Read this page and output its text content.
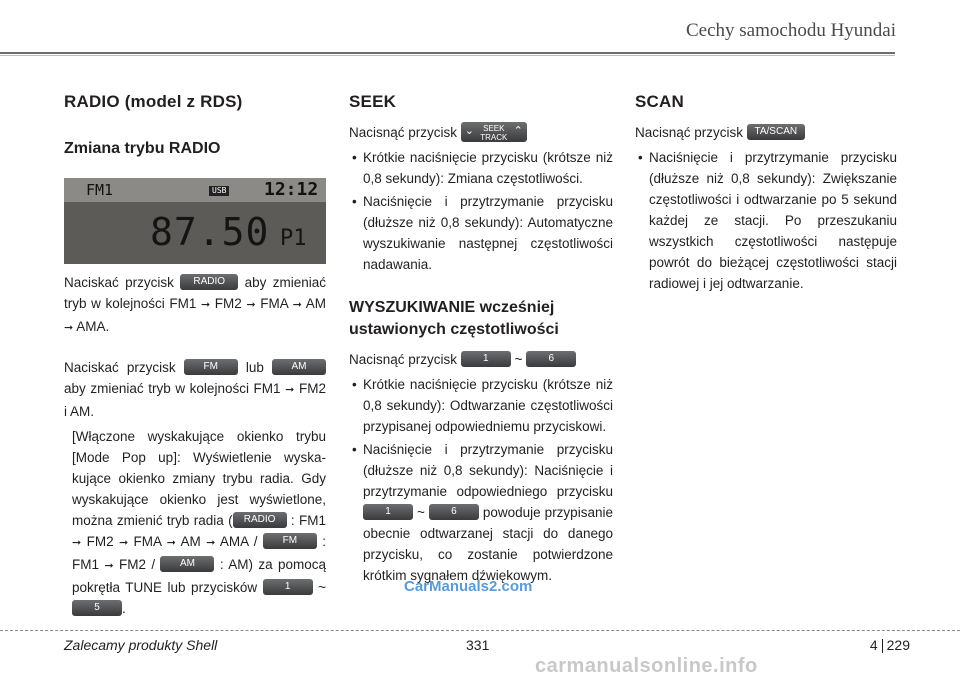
Cechy samochodu Hyundai
RADIO (model z RDS)
Zmiana trybu RADIO
FM1	USB 12:12
87.50 P1

Naciskać przycisk RADIO aby zmieniać tryb w kolejności FM1 ➞ FM2 ➞ FMA ➞ AM ➞ AMA.

Naciskać przycisk	FM lub	AM aby zmieniać tryb w kolejności FM1 ➞ FM2 i AM.

[Włączone wyskakujące okienko trybu [Mode Pop up]: Wyświetlenie wyskakujące okienko zmiany trybu radia. Gdy wyskakujące okienko jest wyświetlone, można zmienić tryb radia ( RADIO : FM1 ➞ FM2 ➞ FMA ➞ AM ➞ AMA /	FM : FM1 ➞ FM2 / AM : AM) za pomocą pokrętła TUNE lub przycisków	1 ~ 5 .

SEEK

Nacisnąć przycisk ⌄ SEEK
TRACK
⌃

• Krótkie naciśnięcie przycisku (krótsze niż 0,8 sekundy): Zmiana częstotliwości.
• Naciśnięcie i przytrzymanie przycisku (dłuższe niż 0,8 sekundy): Automatyczne wyszukiwanie następnej częstotliwości nadawania.
WYSZUKIWANIE wcześniej ustawionych częstotliwości

Nacisnąć przycisk	1 ~	6

• Krótkie naciśnięcie przycisku (krótsze niż 0,8 sekundy): Odtwarzanie częstotliwości przypisanej odpowiedniemu przyciskowi.
• Naciśnięcie i przytrzymanie przycisku (dłuższe niż 0,8 sekundy): Naciśnięcie i przytrzymanie odpowiedniego przycisku 1 ~	6 powoduje przypisanie obecnie odtwarzanej stacji do danego przycisku, co zostanie potwierdzone krótkim sygnałem dźwiękowym.
SCAN

Nacisnąć przycisk TA/SCAN

• Naciśnięcie i przytrzymanie przycisku (dłuższe niż 0,8 sekundy): Zwiększanie częstotliwości i odtwarzanie po 5 sekund każdej ze stacji. Po przeszukaniu wszystkich częstotliwości następuje powrót do bieżącej częstotliwości stacji radiowej i jej odtwarzanie.
CarManuals2.com
Zalecamy produkty Shell	331	4 229
carmanualsonline.info
